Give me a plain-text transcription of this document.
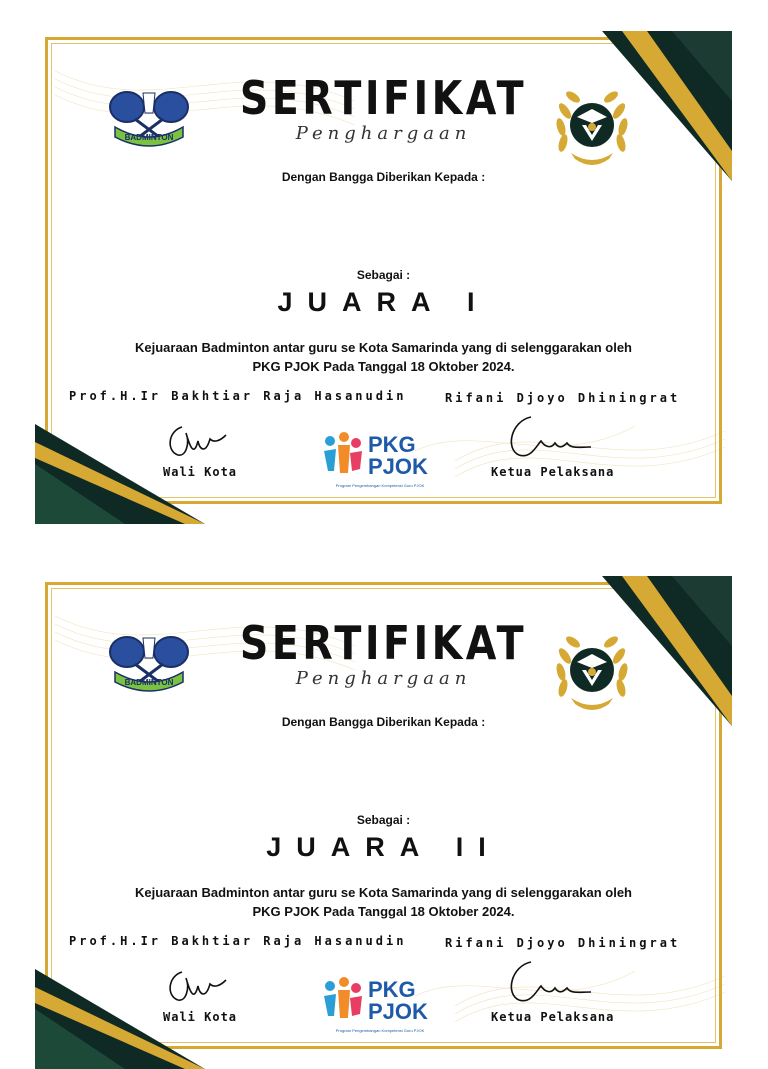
BADMINTON
SERTIFIKAT
Penghargaan
Dengan Bangga Diberikan Kepada :
Sebagai :
JUARA I
Kejuaraan Badminton antar guru se Kota Samarinda yang di selenggarakan oleh
PKG PJOK Pada Tanggal 18 Oktober 2024.
Prof.H.Ir Bakhtiar Raja Hasanudin	Rifani Djoyo Dhiningrat
PKG
PJOK
Program Pengembangan Kompetensi Guru PJOK
Wali Kota	Ketua Pelaksana
BADMINTON
SERTIFIKAT
Penghargaan
Dengan Bangga Diberikan Kepada :
Sebagai :
JUARA II
Kejuaraan Badminton antar guru se Kota Samarinda yang di selenggarakan oleh
PKG PJOK Pada Tanggal 18 Oktober 2024.
Prof.H.Ir Bakhtiar Raja Hasanudin	Rifani Djoyo Dhiningrat
PKG
PJOK
Program Pengembangan Kompetensi Guru PJOK
Wali Kota	Ketua Pelaksana
